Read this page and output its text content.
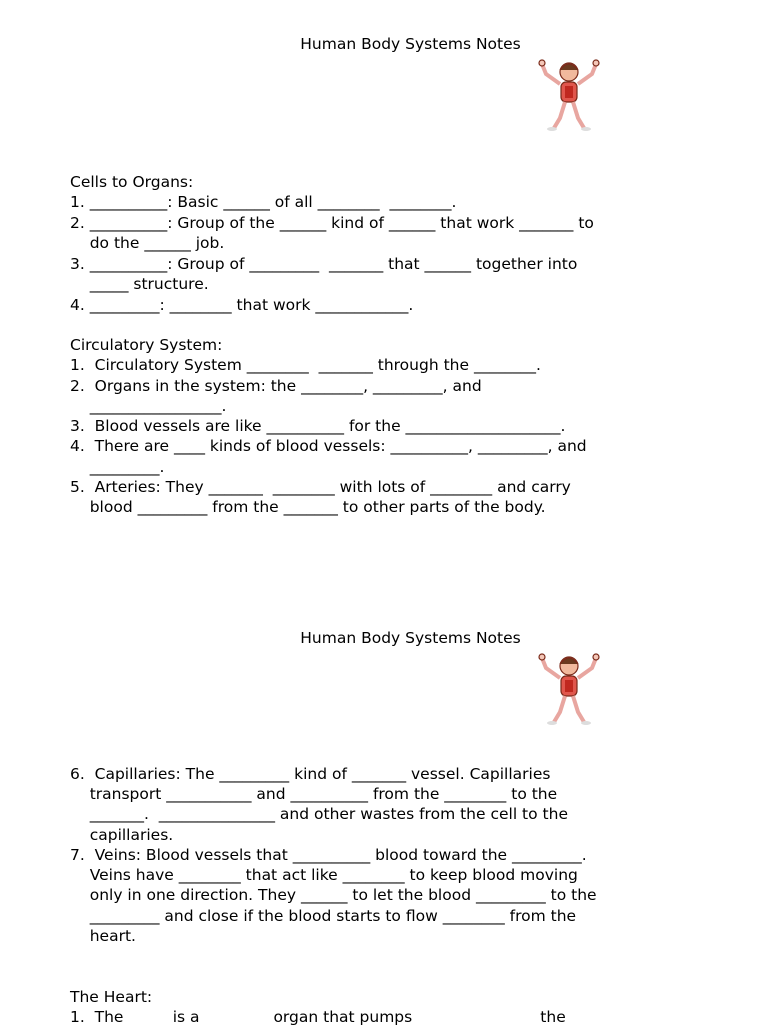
Human Body Systems Notes
Cells to Organs:
1. __________: Basic ______ of all ________  ________.
2. __________: Group of the ______ kind of ______ that work _______ to
do the ______ job.
3. __________: Group of _________  _______ that ______ together into
_____ structure.
4. _________: ________ that work ____________.
Circulatory System:
1.  Circulatory System ________  _______ through the ________.
2.  Organs in the system: the ________, _________, and
_________________.
3.  Blood vessels are like __________ for the ____________________.
4.  There are ____ kinds of blood vessels: __________, _________, and
_________.
5.  Arteries: They _______  ________ with lots of ________ and carry
blood _________ from the _______ to other parts of the body.
Human Body Systems Notes
6.  Capillaries: The _________ kind of _______ vessel. Capillaries
transport ___________ and __________ from the ________ to the
_______.  _______________ and other wastes from the cell to the
capillaries.
7.  Veins: Blood vessels that __________ blood toward the _________.
Veins have ________ that act like ________ to keep blood moving
only in one direction. They ______ to let the blood _________ to the
_________ and close if the blood starts to flow ________ from the
heart.
The Heart:
1.  The          is a               organ that pumps                          the
